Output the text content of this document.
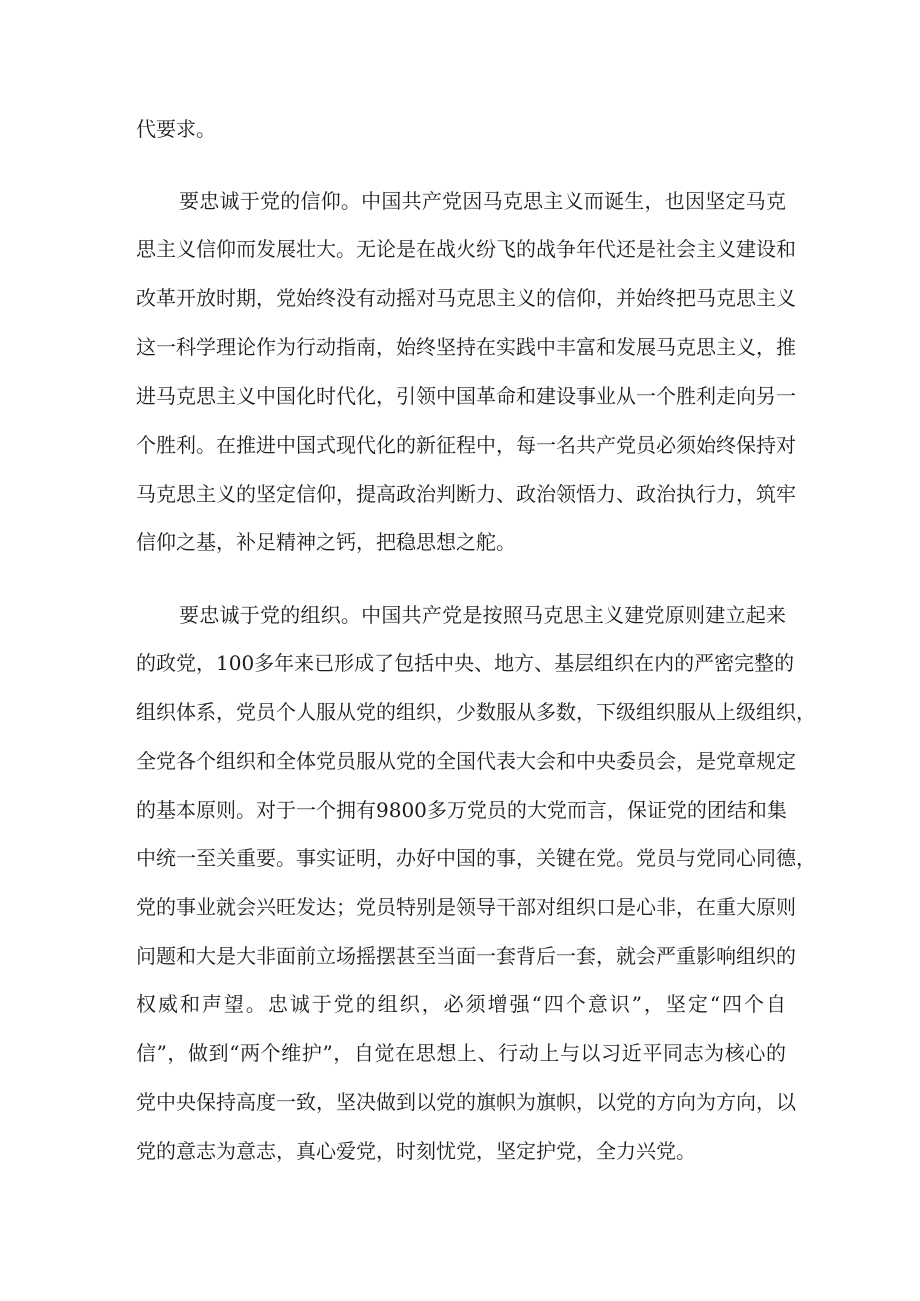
代要求。
要忠诚于党的信仰。中国共产党因马克思主义而诞生，也因坚定马克
思主义信仰而发展壮大。无论是在战火纷飞的战争年代还是社会主义建设和
改革开放时期，党始终没有动摇对马克思主义的信仰，并始终把马克思主义
这一科学理论作为行动指南，始终坚持在实践中丰富和发展马克思主义，推
进马克思主义中国化时代化，引领中国革命和建设事业从一个胜利走向另一
个胜利。在推进中国式现代化的新征程中，每一名共产党员必须始终保持对
马克思主义的坚定信仰，提高政治判断力、政治领悟力、政治执行力，筑牢
信仰之基，补足精神之钙，把稳思想之舵。
要忠诚于党的组织。中国共产党是按照马克思主义建党原则建立起来
的政党，100多年来已形成了包括中央、地方、基层组织在内的严密完整的
组织体系，党员个人服从党的组织，少数服从多数，下级组织服从上级组织，
全党各个组织和全体党员服从党的全国代表大会和中央委员会，是党章规定
的基本原则。对于一个拥有9800多万党员的大党而言，保证党的团结和集
中统一至关重要。事实证明，办好中国的事，关键在党。党员与党同心同德，
党的事业就会兴旺发达；党员特别是领导干部对组织口是心非，在重大原则
问题和大是大非面前立场摇摆甚至当面一套背后一套，就会严重影响组织的
权威和声望。忠诚于党的组织，必须增强“四个意识”，坚定“四个自
信”，做到“两个维护”，自觉在思想上、行动上与以习近平同志为核心的
党中央保持高度一致，坚决做到以党的旗帜为旗帜，以党的方向为方向，以
党的意志为意志，真心爱党，时刻忧党，坚定护党，全力兴党。
